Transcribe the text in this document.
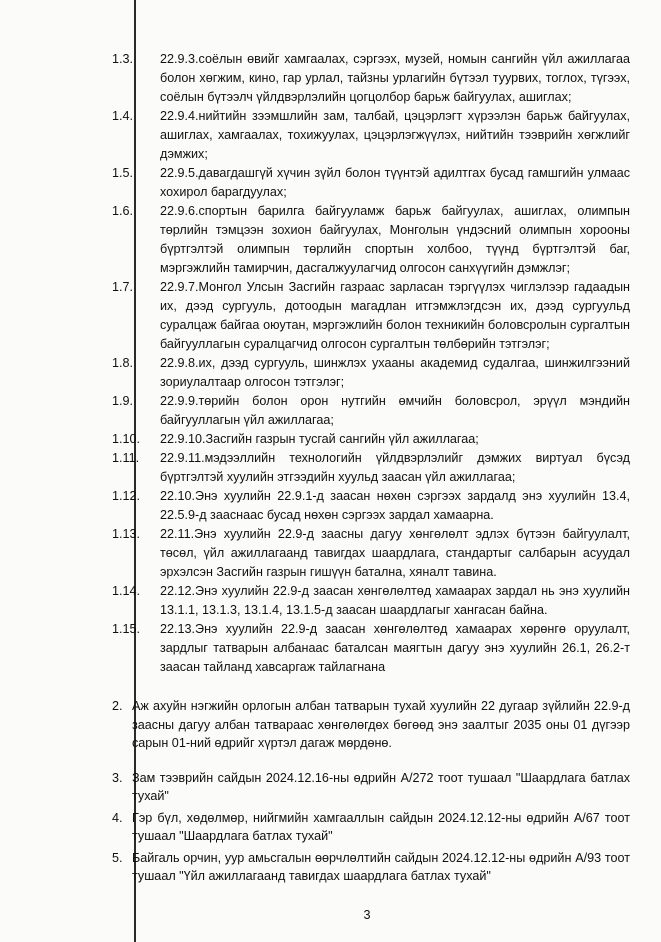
1.3. 22.9.3.соёлын өвийг хамгаалах, сэргээх, музей, номын сангийн үйл ажиллагаа болон хөгжим, кино, гар урлал, тайзны урлагийн бүтээл туурвих, тоглох, түгээх, соёлын бүтээлч үйлдвэрлэлийн цогцолбор барьж байгуулах, ашиглах;
1.4. 22.9.4.нийтийн зээмшлийн зам, талбай, цэцэрлэгт хүрээлэн барьж байгуулах, ашиглах, хамгаалах, тохижуулах, цэцэрлэгжүүлэх, нийтийн тээврийн хөгжлийг дэмжих;
1.5. 22.9.5.давагдашгүй хүчин зүйл болон түүнтэй адилтгах бусад гамшгийн улмаас хохирол барагдуулах;
1.6. 22.9.6.спортын барилга байгууламж барьж байгуулах, ашиглах, олимпын төрлийн тэмцээн зохион байгуулах, Монголын үндэсний олимпын хорооны бүртгэлтэй олимпын төрлийн спортын холбоо, түүнд бүртгэлтэй баг, мэргэжлийн тамирчин, дасгалжуулагчид олгосон санхүүгийн дэмжлэг;
1.7. 22.9.7.Монгол Улсын Засгийн газраас зарласан тэргүүлэх чиглэлээр гадаадын их, дээд сургууль, дотоодын магадлан итгэмжлэгдсэн их, дээд сургуульд суралцаж байгаа оюутан, мэргэжлийн болон техникийн боловсролын сургалтын байгууллагын суралцагчид олгосон сургалтын төлбөрийн тэтгэлэг;
1.8. 22.9.8.их, дээд сургууль, шинжлэх ухааны академид судалгаа, шинжилгээний зориулалтаар олгосон тэтгэлэг;
1.9. 22.9.9.төрийн болон орон нутгийн өмчийн боловсрол, эрүүл мэндийн байгууллагын үйл ажиллагаа;
1.10. 22.9.10.Засгийн газрын тусгай сангийн үйл ажиллагаа;
1.11. 22.9.11.мэдээллийн технологийн үйлдвэрлэлийг дэмжих виртуал бүсэд бүртгэлтэй хуулийн этгээдийн хуульд заасан үйл ажиллагаа;
1.12. 22.10.Энэ хуулийн 22.9.1-д заасан нөхөн сэргээх зардалд энэ хуулийн 13.4, 22.5.9-д зааснаас бусад нөхөн сэргээх зардал хамаарна.
1.13. 22.11.Энэ хуулийн 22.9-д заасны дагуу хөнгөлөлт эдлэх бүтээн байгуулалт, төсөл, үйл ажиллагаанд тавигдах шаардлага, стандартыг салбарын асуудал эрхэлсэн Засгийн газрын гишүүн батална, хяналт тавина.
1.14. 22.12.Энэ хуулийн 22.9-д заасан хөнгөлөлтөд хамаарах зардал нь энэ хуулийн 13.1.1, 13.1.3, 13.1.4, 13.1.5-д заасан шаардлагыг хангасан байна.
1.15. 22.13.Энэ хуулийн 22.9-д заасан хөнгөлөлтөд хамаарах хөрөнгө оруулалт, зардлыг татварын албанаас баталсан маягтын дагуу энэ хуулийн 26.1, 26.2-т заасан тайланд хавсаргаж тайлагнана
2. Аж ахуйн нэгжийн орлогын албан татварын тухай хуулийн 22 дугаар зүйлийн 22.9-д заасны дагуу албан татвараас хөнгөлөгдөх бөгөөд энэ заалтыг 2035 оны 01 дүгээр сарын 01-ний өдрийг хүртэл дагаж мөрдөнө.
3. Зам тээврийн сайдын 2024.12.16-ны өдрийн А/272 тоот тушаал "Шаардлага батлах тухай"
4. Гэр бүл, хөдөлмөр, нийгмийн хамгааллын сайдын 2024.12.12-ны өдрийн А/67 тоот тушаал "Шаардлага батлах тухай"
5. Байгаль орчин, уур амьсгалын өөрчлөлтийн сайдын 2024.12.12-ны өдрийн А/93 тоот тушаал "Үйл ажиллагаанд тавигдах шаардлага батлах тухай"
3
